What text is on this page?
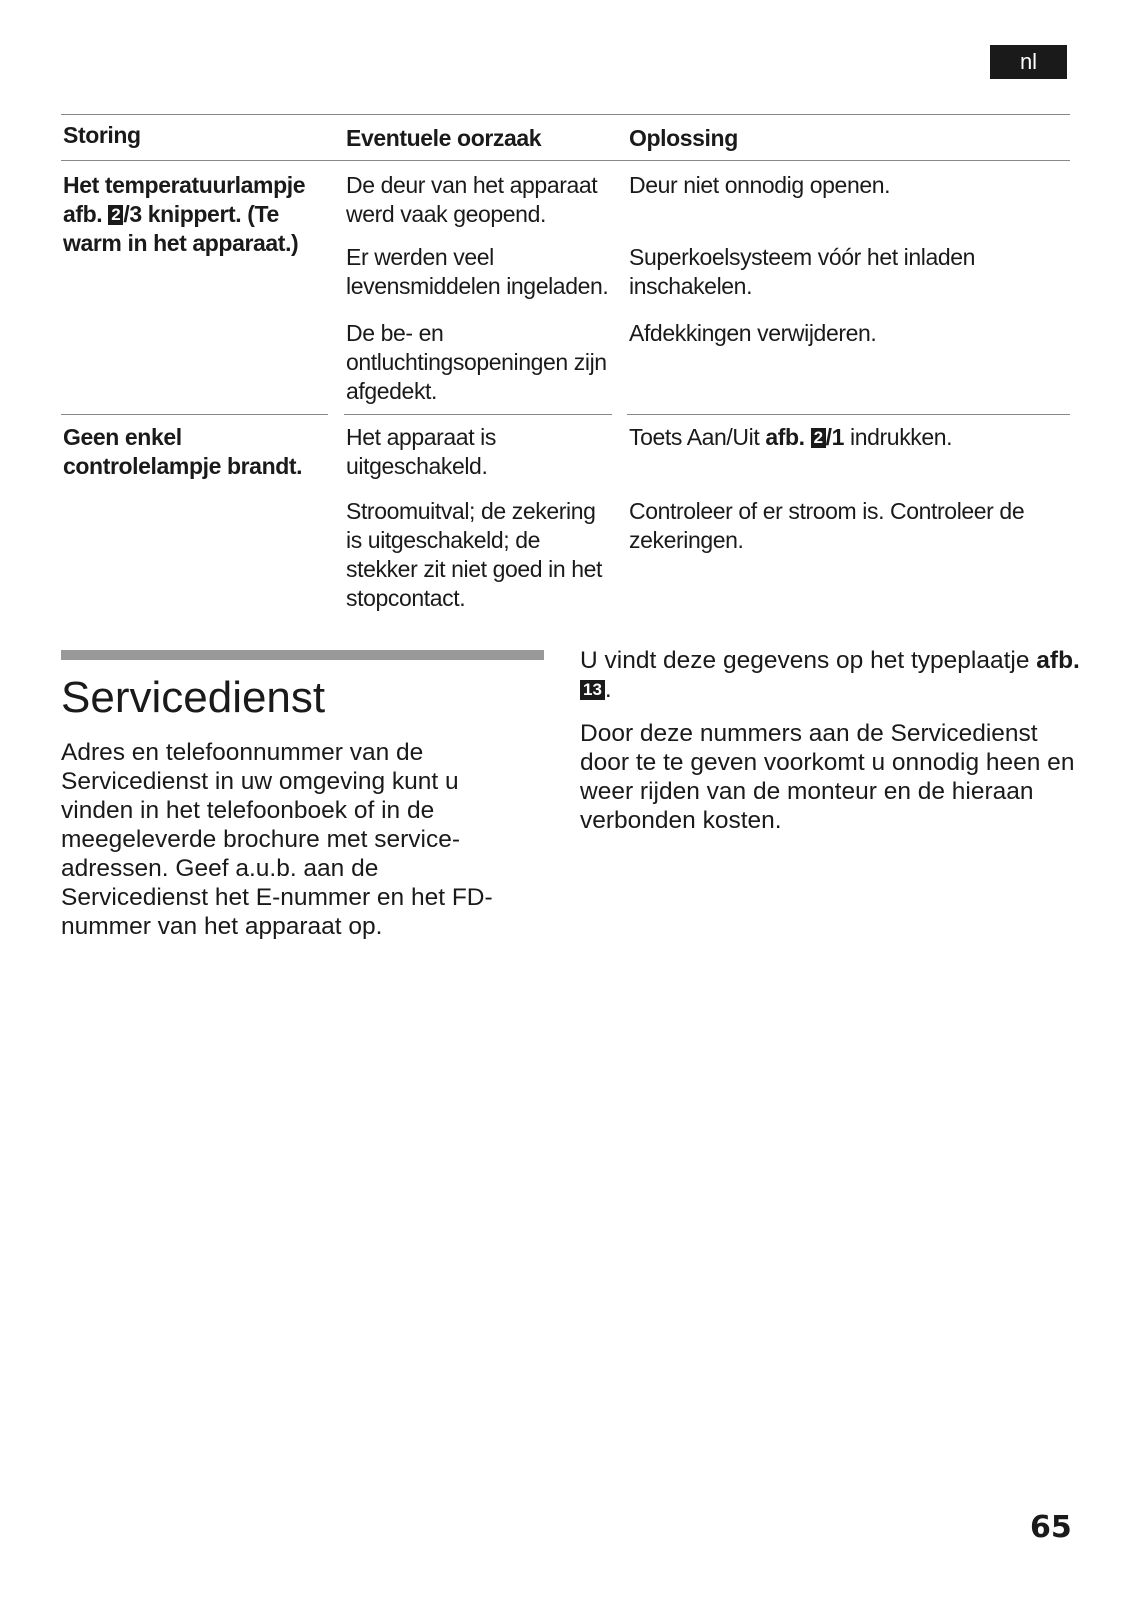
nl
Storing	Eventuele oorzaak	Oplossing
Het temperatuurlampje
afb. 2 /3 knippert. (Te
warm in het apparaat.)
De deur van het apparaat werd vaak geopend.
Deur niet onnodig openen.
Er werden veel levensmiddelen ingeladen.
Superkoelsysteem vóór het inladen inschakelen.
De be- en ontluchtingsopeningen zijn afgedekt.
Afdekkingen verwijderen.
Geen enkel
controlelampje brandt.
Het apparaat is uitgeschakeld.
Toets Aan/Uit afb. 2 /1 indrukken.
Stroomuitval; de zekering is uitgeschakeld; de stekker zit niet goed in het stopcontact.
Controleer of er stroom is. Controleer de zekeringen.
Servicedienst
Adres en telefoonnummer van de Servicedienst in uw omgeving kunt u vinden in het telefoonboek of in de meegeleverde brochure met service-adressen. Geef a.u.b. aan de Servicedienst het E-nummer en het FD-nummer van het apparaat op.
U vindt deze gegevens op het typeplaatje afb. 13 .
Door deze nummers aan de Servicedienst door te te geven voorkomt u onnodig heen en weer rijden van de monteur en de hieraan verbonden kosten.
65
